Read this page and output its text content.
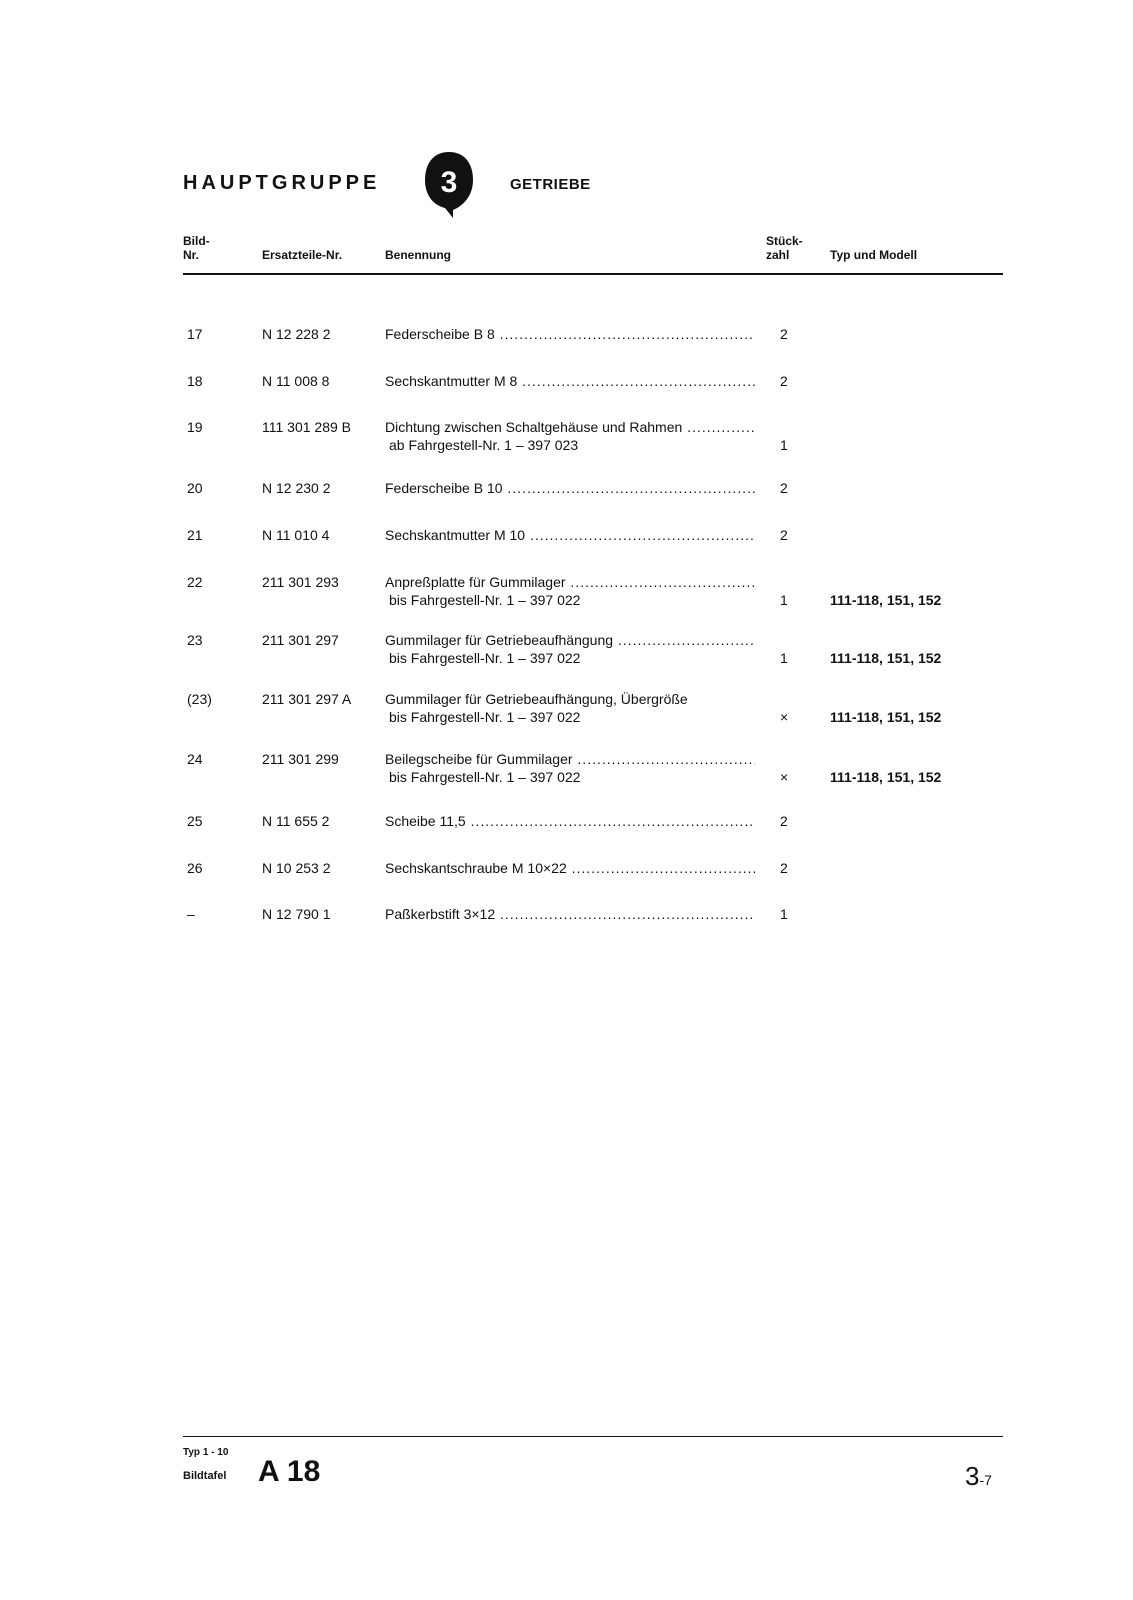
HAUPTGRUPPE 3	GETRIEBE
Bild-
Nr.	Ersatzteile-Nr.	Benennung
Stück-
zahl	Typ und Modell
17	N 12 228 2	Federscheibe B 8 .....	2
18	N 11 008 8	Sechskantmutter M 8 .....	2
19	111 301 289 B Dichtung zwischen Schaltgehäuse und Rahmen .....
ab Fahrgestell-Nr. 1 – 397 023	1
20	N 12 230 2	Federscheibe B 10 .....	2
21	N 11 010 4	Sechskantmutter M 10 .....	2
22	211 301 293	Anpreßplatte für Gummilager .....
bis Fahrgestell-Nr. 1 – 397 022	1	111-118, 151, 152
23	211 301 297	Gummilager für Getriebeaufhängung .....
bis Fahrgestell-Nr. 1 – 397 022	1	111-118, 151, 152
(23)	211 301 297 A Gummilager für Getriebeaufhängung, Übergröße
bis Fahrgestell-Nr. 1 – 397 022	×	111-118, 151, 152
24	211 301 299	Beilegscheibe für Gummilager .....
bis Fahrgestell-Nr. 1 – 397 022	×	111-118, 151, 152
25	N 11 655 2	Scheibe 11,5 .....	2
26	N 10 253 2	Sechskantschraube M 10×22 .....	2
–	N 12 790 1	Paßkerbstift 3×12 .....	1
Typ 1 - 10
Bildtafel A 18	3-7
